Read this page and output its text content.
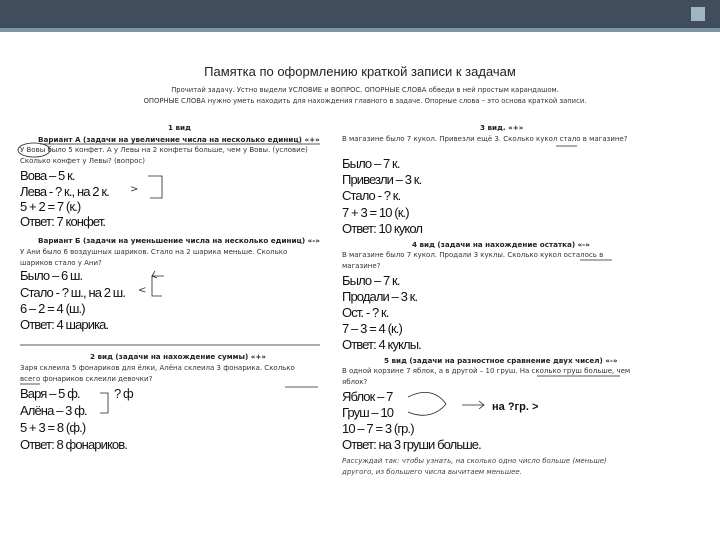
Памятка по оформлению краткой записи к задачам
Прочитай задачу. Устно выдели УСЛОВИЕ и ВОПРОС. ОПОРНЫЕ СЛОВА обведи в ней простым карандашом.
ОПОРНЫЕ СЛОВА нужно уметь находить для нахождения главного в задаче. Опорные слова – это основа краткой записи.
1 вид
Вариант А (задачи на увеличение числа на несколько единиц) «+»
У Вовы было 5 конфет. А у Левы на 2 конфеты больше, чем у Вовы. (условие)
Сколько конфет у Левы? (вопрос)
Вова – 5 к.
Лева - ? к., на 2 к.
5 + 2 = 7 (к.)
Ответ: 7 конфет.
>
Вариант Б (задачи на уменьшение числа на несколько единиц) «-»
У Ани было 6 воздушных шариков. Стало на 2 шарика меньше. Сколько
шариков стало у Ани?
Было – 6 ш.
Стало - ? ш., на 2 ш.
6 – 2 = 4 (ш.)
Ответ: 4 шарика.
<
2 вид (задачи на нахождение суммы) «+»
Заря склеила 5 фонариков для ёлки, Алёна склеила 3 фонарика. Сколько
всего фонариков склеили девочки?
Варя – 5 ф.
Алёна – 3 ф.
5 + 3 = 8 (ф.)
Ответ: 8 фонариков.
? ф
3 вид. «+»
В магазине было 7 кукол. Привезли ещё 3. Сколько кукол стало в магазине?
Было – 7 к.
Привезли – 3 к.
Стало - ? к.
7 + 3 = 10 (к.)
Ответ: 10 кукол
4 вид (задачи на нахождение остатка) «-»
В магазине было 7 кукол. Продали 3 куклы. Сколько кукол осталось в
магазине?
Было – 7 к.
Продали – 3 к.
Ост. - ? к.
7 – 3 = 4 (к.)
Ответ: 4 куклы.
5 вид (задачи на разностное сравнение двух чисел) «-»
В одной корзине 7 яблок, а в другой – 10 груш. На сколько груш больше, чем
яблок?
Яблок – 7
Груш – 10
10 – 7 = 3 (гр.)
Ответ: на 3 груши больше.
на ?гр. >
Рассуждай так: чтобы узнать, на сколько одно число больше (меньше)
другого, из большего числа вычитаем меньшее.
